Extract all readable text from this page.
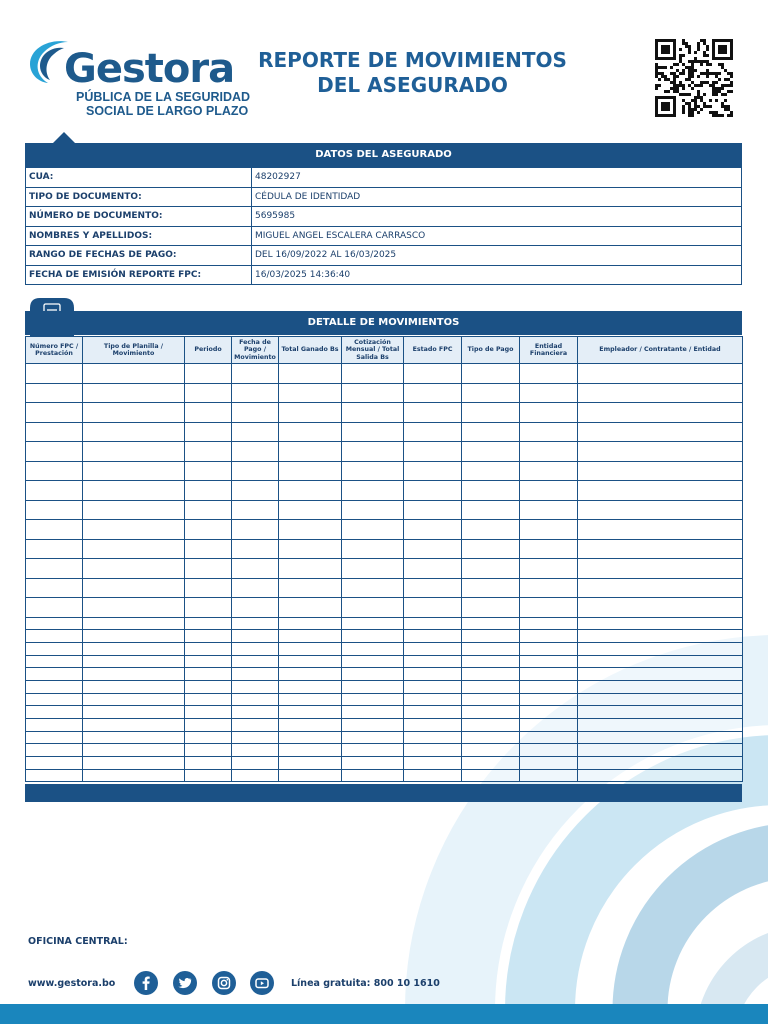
Gestora
PÚBLICA DE LA SEGURIDAD
SOCIAL DE LARGO PLAZO
REPORTE DE MOVIMIENTOS
DEL ASEGURADO
DATOS DEL ASEGURADO
CUA:	48202927
TIPO DE DOCUMENTO:	CÉDULA DE IDENTIDAD
NÚMERO DE DOCUMENTO:	5695985
NOMBRES Y APELLIDOS:	MIGUEL ANGEL ESCALERA CARRASCO
RANGO DE FECHAS DE PAGO:	DEL 16/09/2022 AL 16/03/2025
FECHA DE EMISIÓN REPORTE FPC:	16/03/2025 14:36:40
DETALLE DE MOVIMIENTOS
Número FPC / Prestación	Tipo de Planilla / Movimiento	Periodo	Fecha de Pago / Movimiento	Total Ganado Bs	Cotización Mensual / Total Salida Bs	Estado FPC	Tipo de Pago	Entidad Financiera	Empleador / Contratante / Entidad

OFICINA CENTRAL:
www.gestora.bo	Línea gratuita: 800 10 1610
